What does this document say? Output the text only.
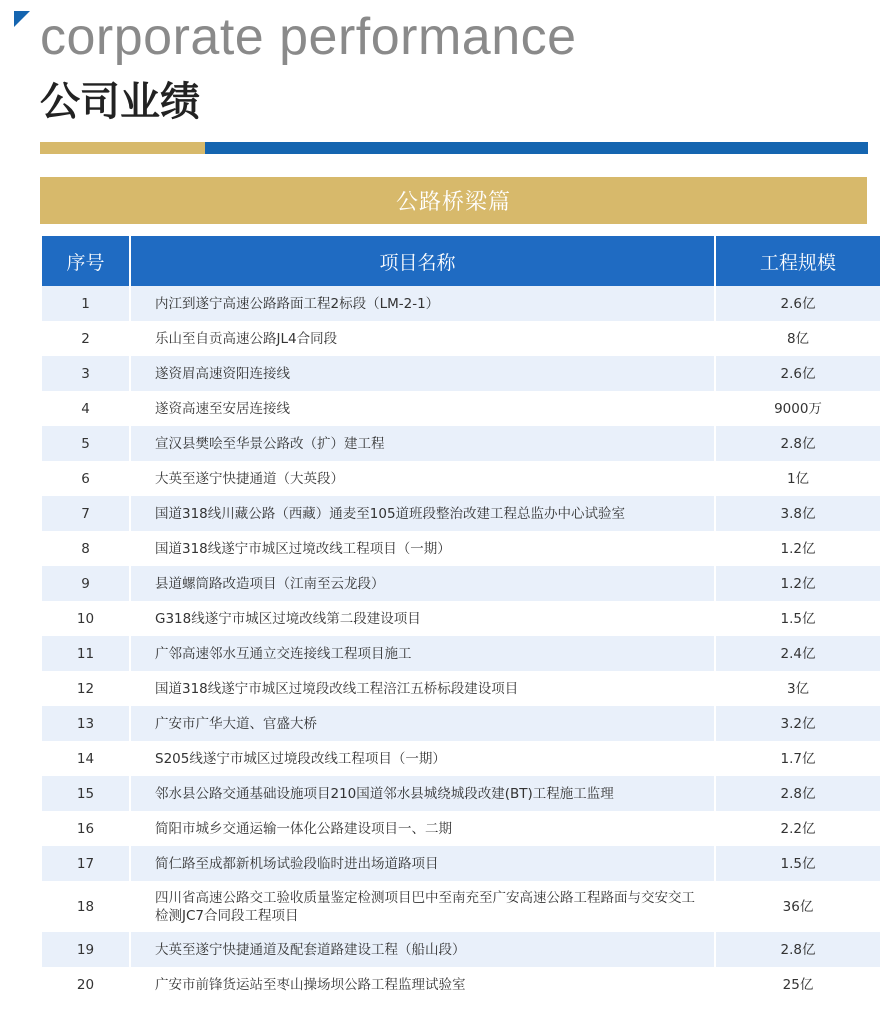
corporate performance
公司业绩
公路桥梁篇
序号	项目名称	工程规模
1	内江到遂宁高速公路路面工程2标段（LM-2-1）	2.6亿
2	乐山至自贡高速公路JL4合同段	8亿
3	遂资眉高速资阳连接线	2.6亿
4	遂资高速至安居连接线	9000万
5	宣汉县樊哙至华景公路改（扩）建工程	2.8亿
6	大英至遂宁快捷通道（大英段）	1亿
7	国道318线川藏公路（西藏）通麦至105道班段整治改建工程总监办中心试验室	3.8亿
8	国道318线遂宁市城区过境改线工程项目（一期）	1.2亿
9	县道螺筒路改造项目（江南至云龙段）	1.2亿
10	G318线遂宁市城区过境改线第二段建设项目	1.5亿
11	广邻高速邻水互通立交连接线工程项目施工	2.4亿
12	国道318线遂宁市城区过境段改线工程涪江五桥标段建设项目	3亿
13	广安市广华大道、官盛大桥	3.2亿
14	S205线遂宁市城区过境段改线工程项目（一期）	1.7亿
15	邻水县公路交通基础设施项目210国道邻水县城绕城段改建(BT)工程施工监理	2.8亿
16	简阳市城乡交通运输一体化公路建设项目一、二期	2.2亿
17	简仁路至成都新机场试验段临时进出场道路项目	1.5亿
18	四川省高速公路交工验收质量鉴定检测项目巴中至南充至广安高速公路工程路面与交安交工检测JC7合同段工程项目	36亿
19	大英至遂宁快捷通道及配套道路建设工程（船山段）	2.8亿
20	广安市前锋货运站至枣山操场坝公路工程监理试验室	25亿
